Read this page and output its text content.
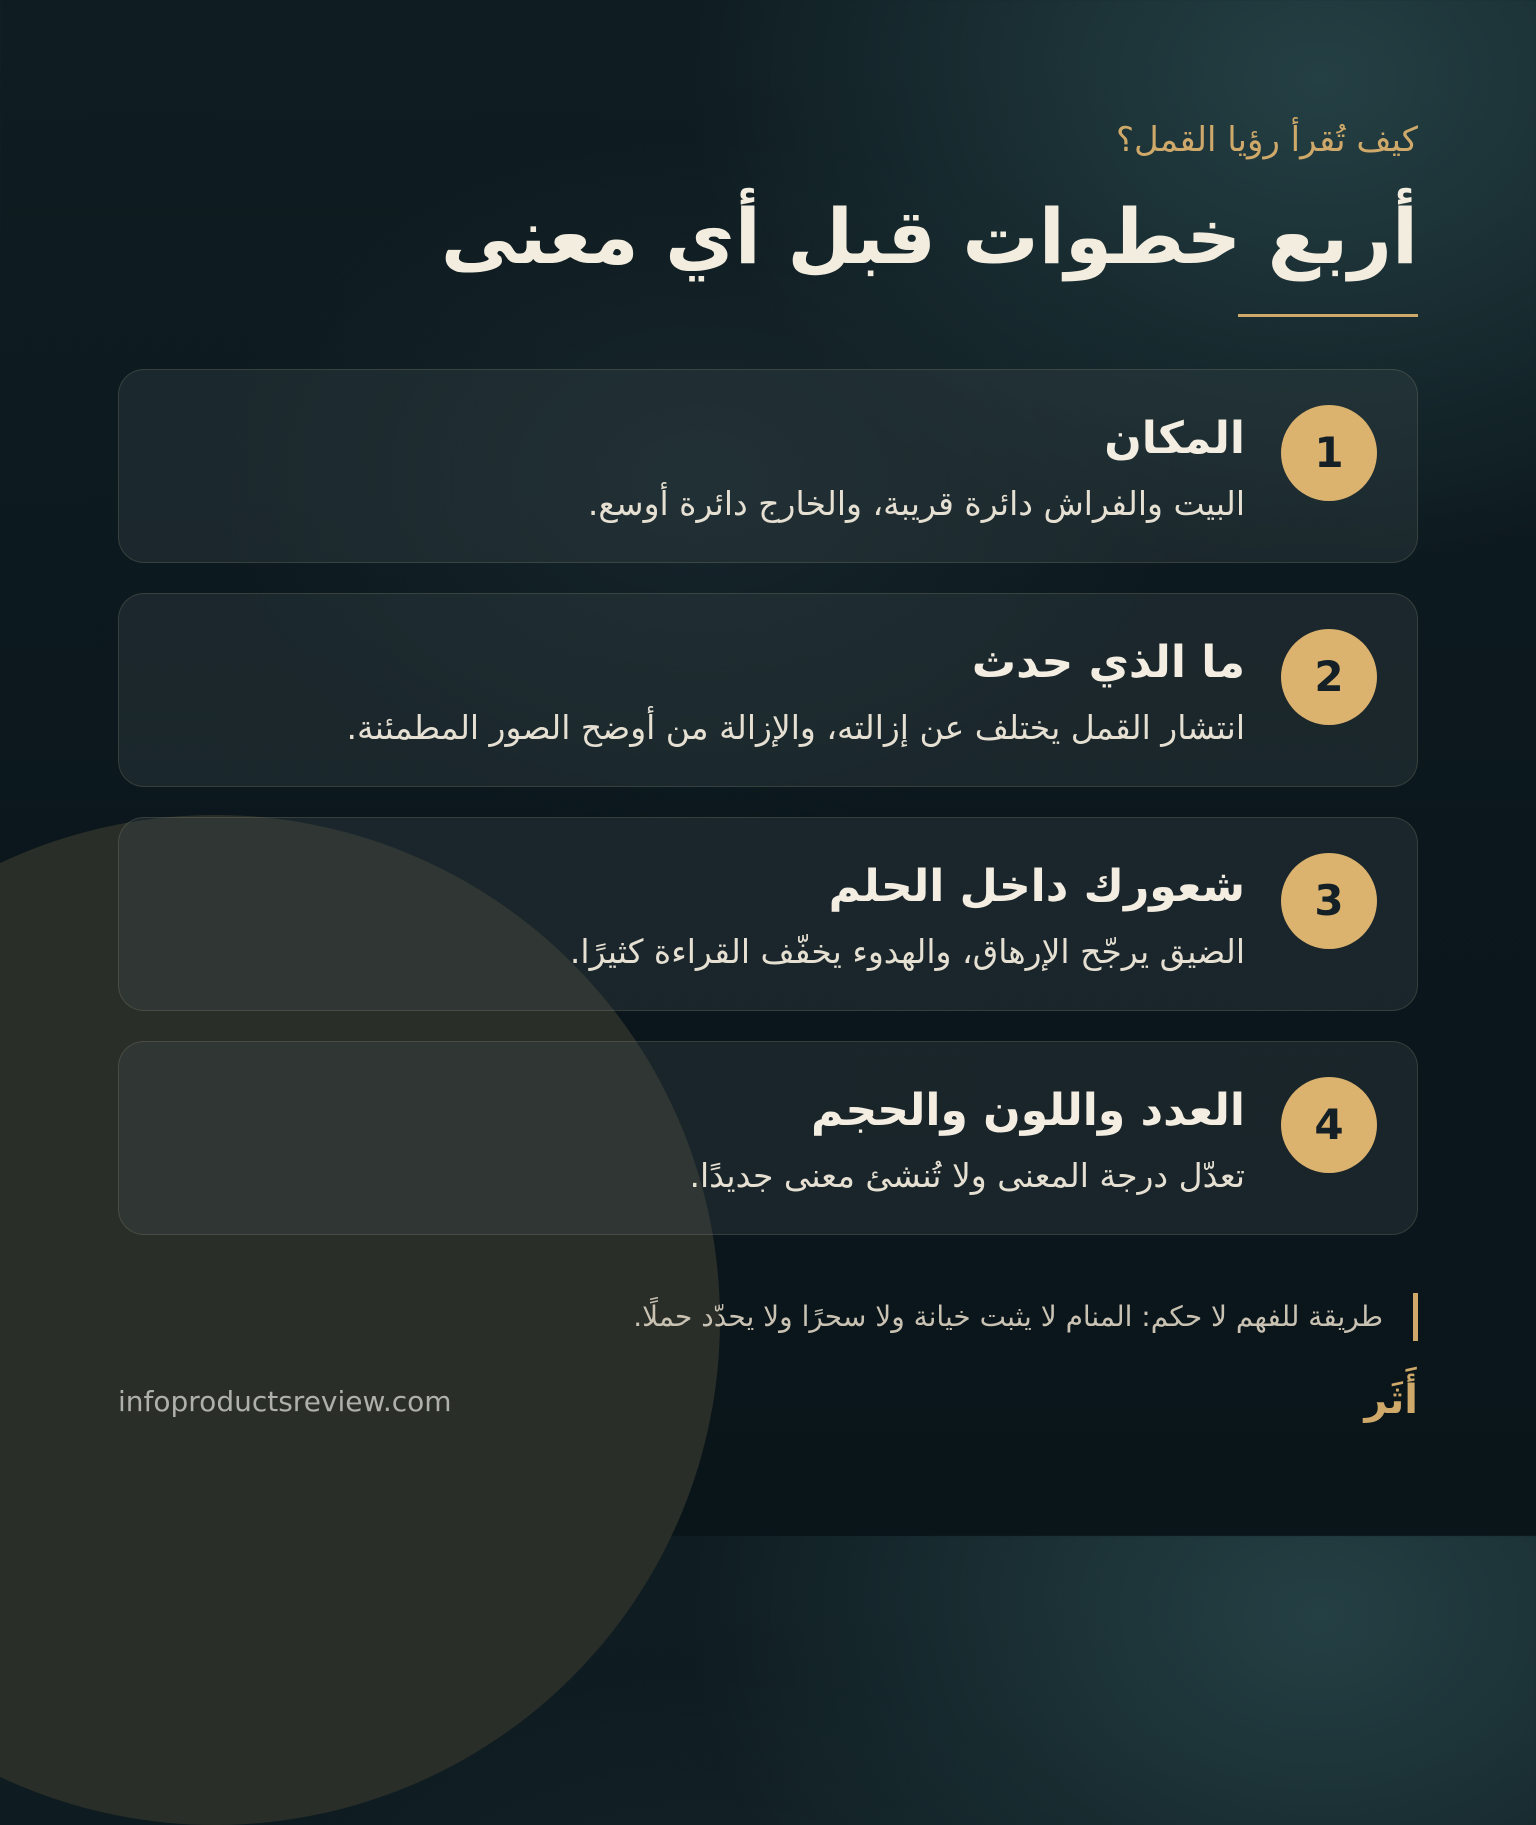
كيف تُقرأ رؤيا القمل؟
أربع خطوات قبل أي معنى
1
المكان

البيت والفراش دائرة قريبة، والخارج دائرة أوسع.

2
ما الذي حدث

انتشار القمل يختلف عن إزالته، والإزالة من أوضح الصور المطمئنة.

3
شعورك داخل الحلم

الضيق يرجّح الإرهاق، والهدوء يخفّف القراءة كثيرًا.

4
العدد واللون والحجم

تعدّل درجة المعنى ولا تُنشئ معنى جديدًا.

طريقة للفهم لا حكم: المنام لا يثبت خيانة ولا سحرًا ولا يحدّد حملًا.
infoproductsreview.com	أَثَر
